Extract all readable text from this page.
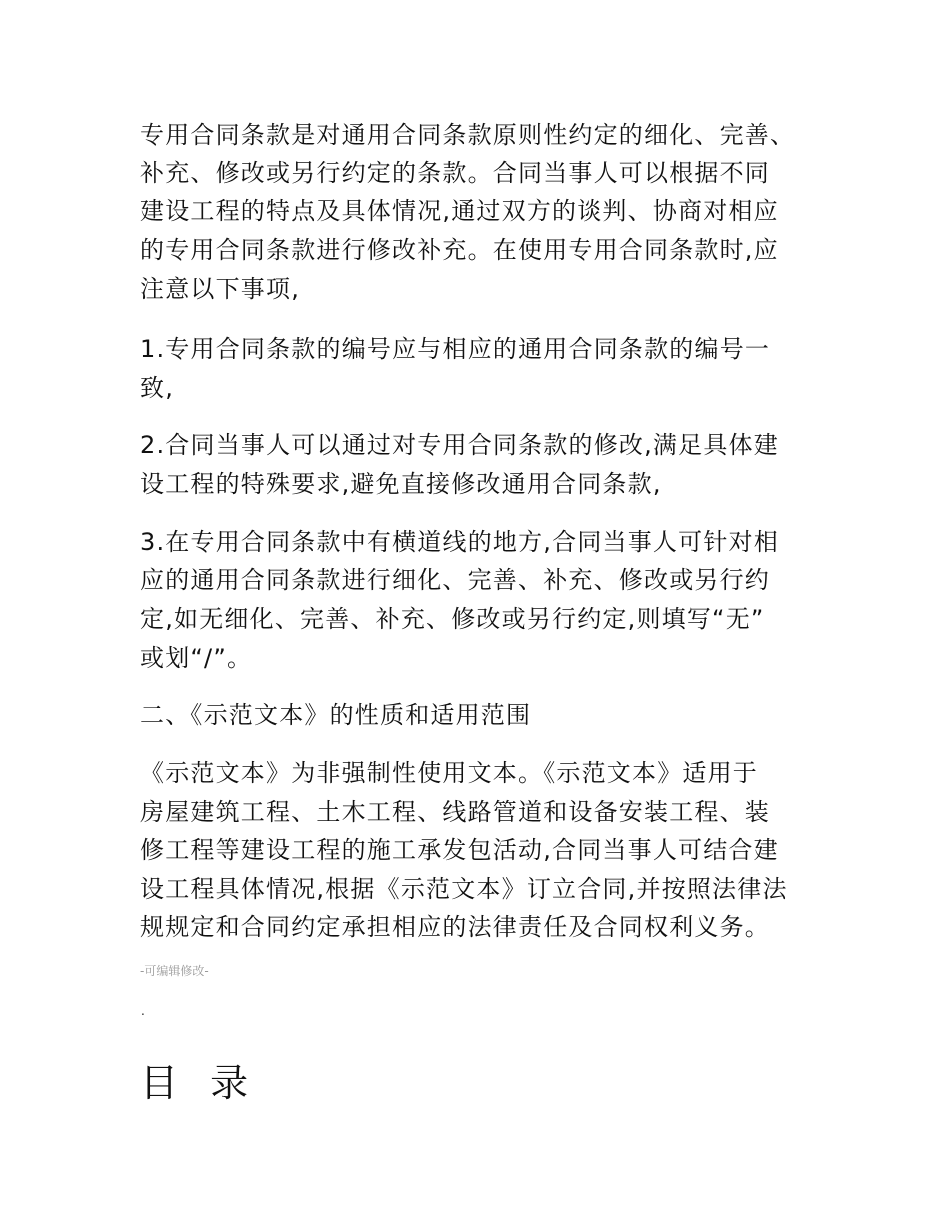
专用合同条款是对通用合同条款原则性约定的细化、完善、
补充、修改或另行约定的条款。合同当事人可以根据不同
建设工程的特点及具体情况,通过双方的谈判、协商对相应
的专用合同条款进行修改补充。在使用专用合同条款时,应
注意以下事项,
1.专用合同条款的编号应与相应的通用合同条款的编号一
致,
2.合同当事人可以通过对专用合同条款的修改,满足具体建
设工程的特殊要求,避免直接修改通用合同条款,
3.在专用合同条款中有横道线的地方,合同当事人可针对相
应的通用合同条款进行细化、完善、补充、修改或另行约
定,如无细化、完善、补充、修改或另行约定,则填写“无”
或划“/”。
二、《示范文本》的性质和适用范围
《示范文本》为非强制性使用文本。《示范文本》适用于
房屋建筑工程、土木工程、线路管道和设备安装工程、装
修工程等建设工程的施工承发包活动,合同当事人可结合建
设工程具体情况,根据《示范文本》订立合同,并按照法律法
规规定和合同约定承担相应的法律责任及合同权利义务。
-可编辑修改-
.
目 录
